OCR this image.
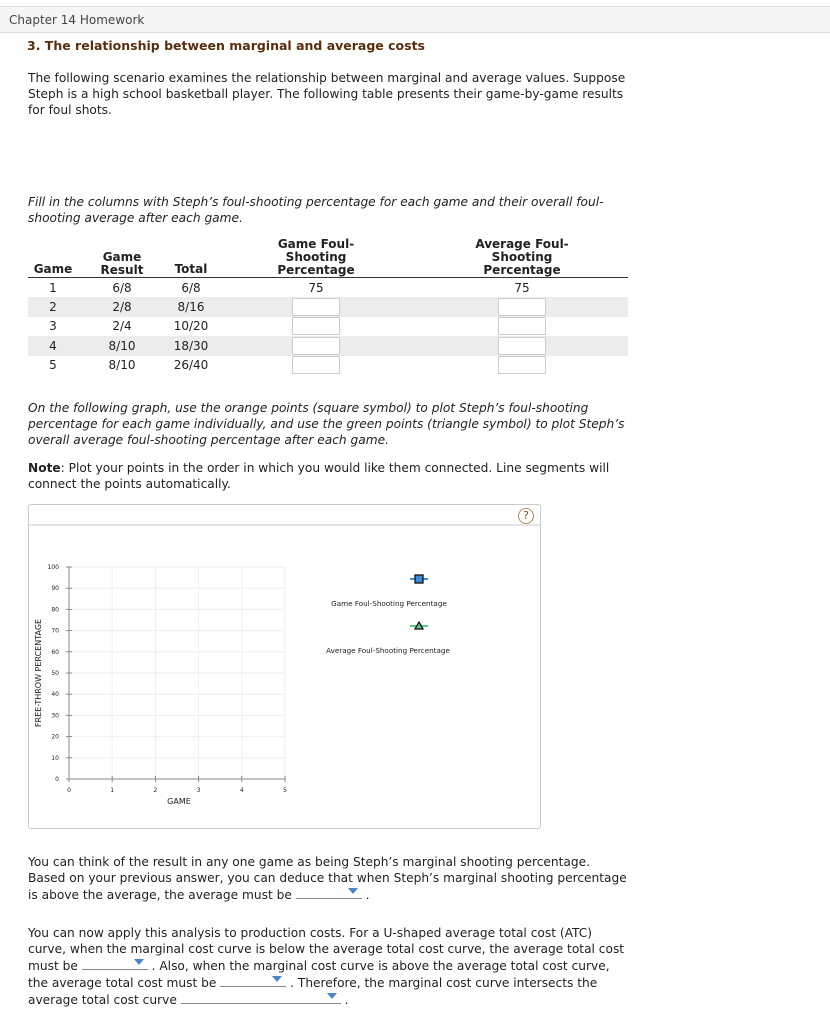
Chapter 14 Homework
3. The relationship between marginal and average costs
The following scenario examines the relationship between marginal and average values. Suppose Steph is a high school basketball player. The following table presents their game-by-game results for foul shots.
Fill in the columns with Steph’s foul-shooting percentage for each game and their overall foul-shooting average after each game.
Game	Game Result	Total	Game Foul-Shooting Percentage	Average Foul-Shooting Percentage
1	6/8	6/8	75	75
2	2/8	8/16		
3	2/4	10/20		
4	8/10	18/30		
5	8/10	26/40		
On the following graph, use the orange points (square symbol) to plot Steph’s foul-shooting percentage for each game individually, and use the green points (triangle symbol) to plot Steph’s overall average foul-shooting percentage after each game.
Note: Plot your points in the order in which you would like them connected. Line segments will connect the points automatically.
?
0	1	2	3	4	5
0
10
20
30
40
50
60
70
80
90
100
GAME
FREE-THROW PERCENTAGE
Game Foul-Shooting Percentage
Average Foul-Shooting Percentage
You can think of the result in any one game as being Steph’s marginal shooting percentage. Based on your previous answer, you can deduce that when Steph’s marginal shooting percentage is above the average, the average must be	.
You can now apply this analysis to production costs. For a U-shaped average total cost (ATC) curve, when the marginal cost curve is below the average total cost curve, the average total cost must be	. Also, when the marginal cost curve is above the average total cost curve, the average total cost must be	. Therefore, the marginal cost curve intersects the average total cost curve	.
